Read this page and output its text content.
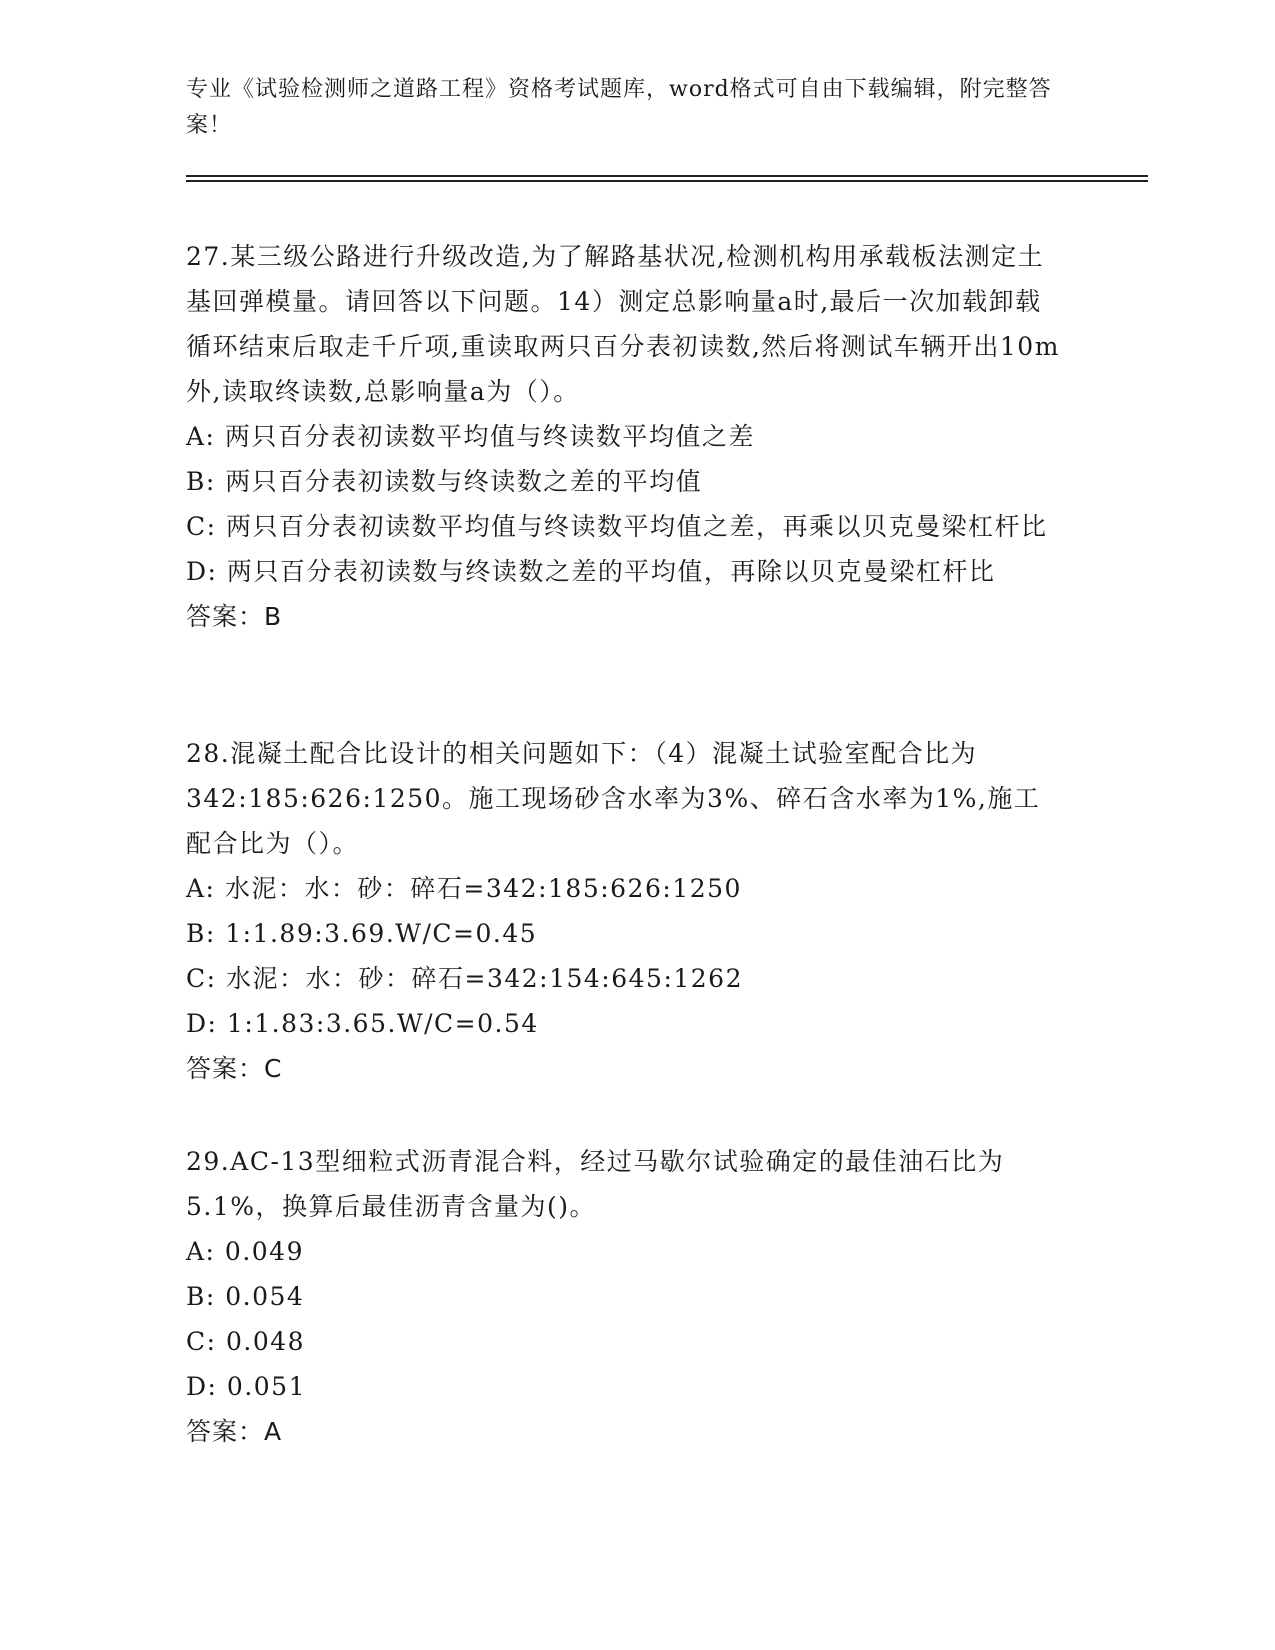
专业《试验检测师之道路工程》资格考试题库，word格式可自由下载编辑，附完整答案！
27.某三级公路进行升级改造,为了解路基状况,检测机构用承载板法测定土基回弹模量。请回答以下问题。14）测定总影响量a时,最后一次加载卸载循环结束后取走千斤项,重读取两只百分表初读数,然后将测试车辆开出10m外,读取终读数,总影响量a为（）。
A: 两只百分表初读数平均值与终读数平均值之差
B: 两只百分表初读数与终读数之差的平均值
C: 两只百分表初读数平均值与终读数平均值之差，再乘以贝克曼梁杠杆比
D: 两只百分表初读数与终读数之差的平均值，再除以贝克曼梁杠杆比
答案：B
28.混凝土配合比设计的相关问题如下：（4）混凝土试验室配合比为342:185:626:1250。施工现场砂含水率为3%、碎石含水率为1%,施工配合比为（）。
A: 水泥：水：砂：碎石=342:185:626:1250
B: 1:1.89:3.69.W/C=0.45
C: 水泥：水：砂：碎石=342:154:645:1262
D: 1:1.83:3.65.W/C=0.54
答案：C
29.AC-13型细粒式沥青混合料，经过马歇尔试验确定的最佳油石比为5.1%，换算后最佳沥青含量为()。
A: 0.049
B: 0.054
C: 0.048
D: 0.051
答案：A
